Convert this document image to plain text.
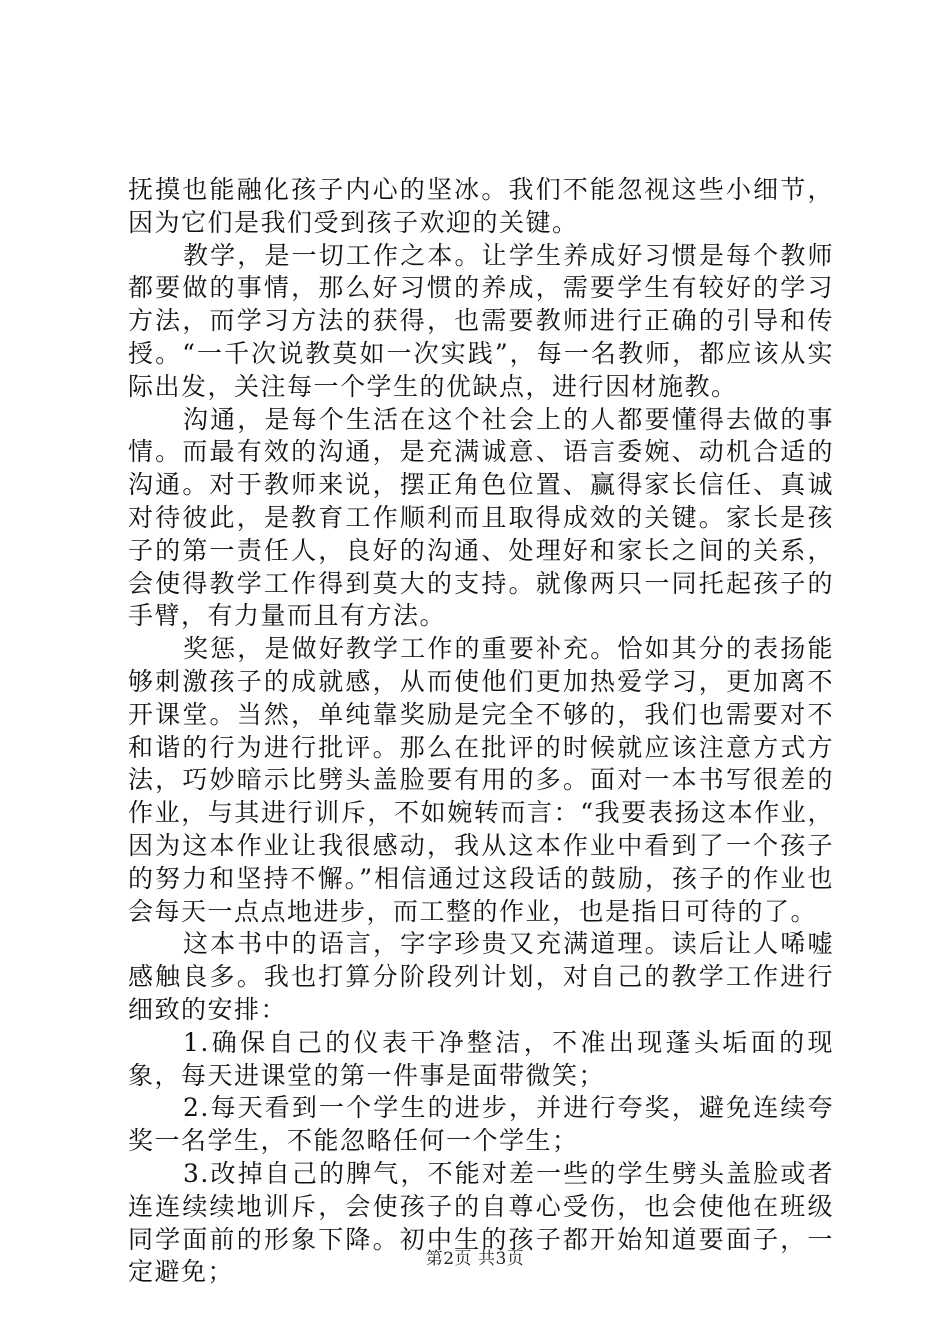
抚摸也能融化孩子内心的坚冰。我们不能忽视这些小细节，因为它们是我们受到孩子欢迎的关键。

教学，是一切工作之本。让学生养成好习惯是每个教师都要做的事情，那么好习惯的养成，需要学生有较好的学习方法，而学习方法的获得，也需要教师进行正确的引导和传授。“一千次说教莫如一次实践”，每一名教师，都应该从实际出发，关注每一个学生的优缺点，进行因材施教。

沟通，是每个生活在这个社会上的人都要懂得去做的事情。而最有效的沟通，是充满诚意、语言委婉、动机合适的沟通。对于教师来说，摆正角色位置、赢得家长信任、真诚对待彼此，是教育工作顺利而且取得成效的关键。家长是孩子的第一责任人，良好的沟通、处理好和家长之间的关系，会使得教学工作得到莫大的支持。就像两只一同托起孩子的手臂，有力量而且有方法。

奖惩，是做好教学工作的重要补充。恰如其分的表扬能够刺激孩子的成就感，从而使他们更加热爱学习，更加离不开课堂。当然，单纯靠奖励是完全不够的，我们也需要对不和谐的行为进行批评。那么在批评的时候就应该注意方式方法，巧妙暗示比劈头盖脸要有用的多。面对一本书写很差的作业，与其进行训斥，不如婉转而言：“我要表扬这本作业，因为这本作业让我很感动，我从这本作业中看到了一个孩子的努力和坚持不懈。”相信通过这段话的鼓励，孩子的作业也会每天一点点地进步，而工整的作业，也是指日可待的了。

这本书中的语言，字字珍贵又充满道理。读后让人唏嘘感触良多。我也打算分阶段列计划，对自己的教学工作进行细致的安排：

1.确保自己的仪表干净整洁，不准出现蓬头垢面的现象，每天进课堂的第一件事是面带微笑；

2.每天看到一个学生的进步，并进行夸奖，避免连续夸奖一名学生，不能忽略任何一个学生；

3.改掉自己的脾气，不能对差一些的学生劈头盖脸或者连连续续地训斥，会使孩子的自尊心受伤，也会使他在班级同学面前的形象下降。初中生的孩子都开始知道要面子，一定避免；	第2页 共3页
